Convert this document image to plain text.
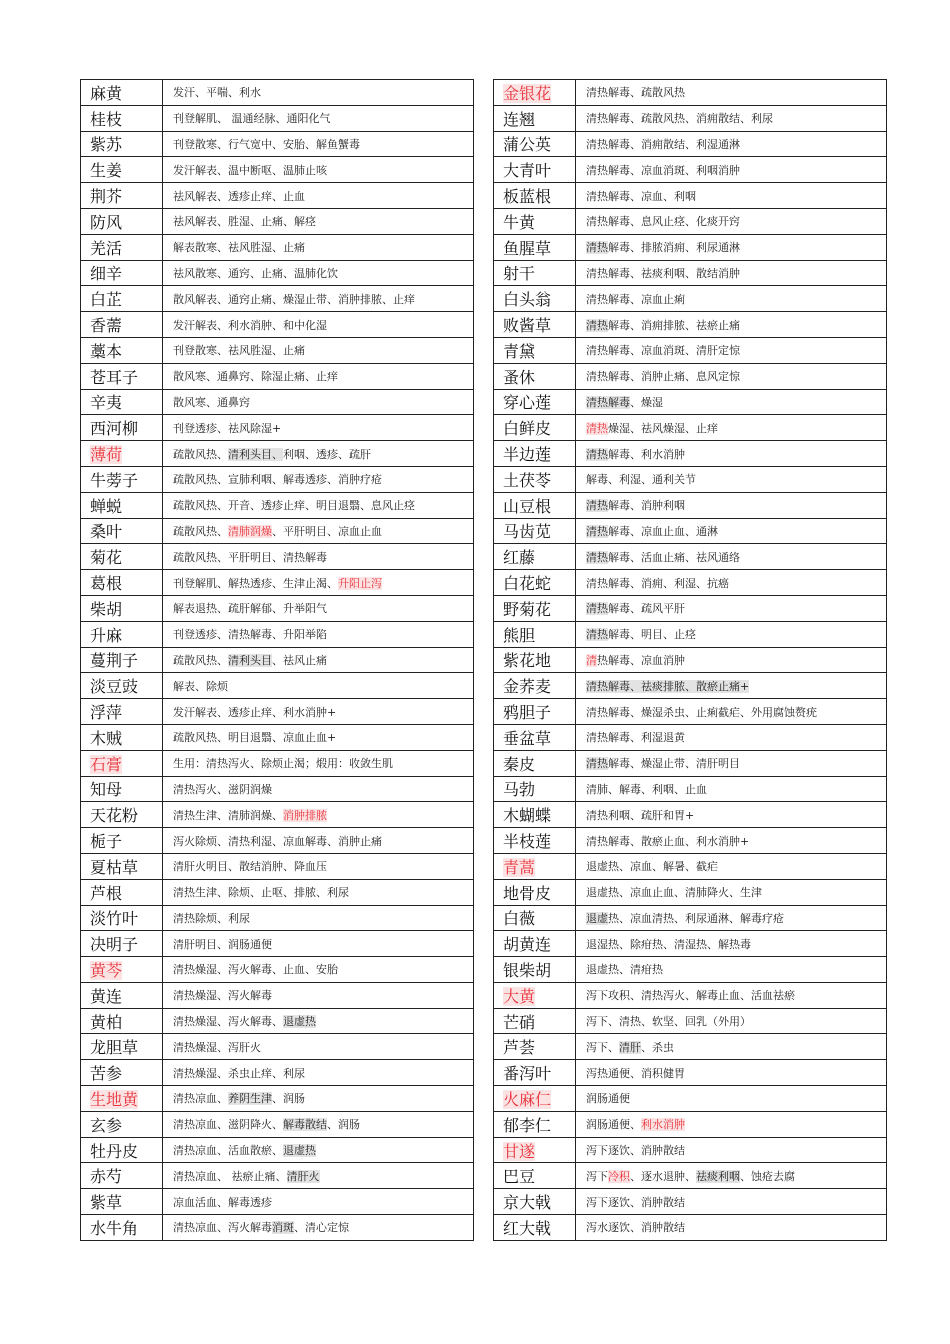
麻黄	发汗、平喘、利水
桂枝	刊登解肌、 温通经脉、通阳化气
紫苏	刊登散寒、行气宽中、安胎、解鱼蟹毒
生姜	发汗解表、温中断呕、温肺止咳
荆芥	祛风解表、透疹止痒、止血
防风	祛风解表、胜湿、止痛、解痉
羌活	解表散寒、祛风胜湿、止痛
细辛	祛风散寒、通窍、止痛、温肺化饮
白芷	散风解表、通窍止痛、燥湿止带、消肿排脓、止痒
香薷	发汗解表、利水消肿、和中化湿
藁本	刊登散寒、祛风胜湿、止痛
苍耳子	散风寒、通鼻窍、除湿止痛、止痒
辛夷	散风寒、通鼻窍
西河柳	刊登透疹、祛风除湿+
薄荷	疏散风热、清利头目、利咽、透疹、疏肝
牛蒡子	疏散风热、宣肺利咽、解毒透疹、消肿疗疮
蝉蜕	疏散风热、开音、透疹止痒、明目退翳、息风止痉
桑叶	疏散风热、清肺润燥、平肝明目、凉血止血
菊花	疏散风热、平肝明目、清热解毒
葛根	刊登解肌、解热透疹、生津止渴、升阳止泻
柴胡	解表退热、疏肝解郁、升举阳气
升麻	刊登透疹、清热解毒、升阳举陷
蔓荆子	疏散风热、清利头目、祛风止痛
淡豆豉	解表、除烦
浮萍	发汗解表、透疹止痒、利水消肿+
木贼	疏散风热、明目退翳、凉血止血+
石膏	生用：清热泻火、除烦止渴；煅用：收敛生肌
知母	清热泻火、滋阴润燥
天花粉	清热生津、清肺润燥、消肿排脓
栀子	泻火除烦、清热利湿、凉血解毒、消肿止痛
夏枯草	清肝火明目、散结消肿、降血压
芦根	清热生津、除烦、止呕、排脓、利尿
淡竹叶	清热除烦、利尿
决明子	清肝明目、润肠通便
黄芩	清热燥湿、泻火解毒、止血、安胎
黄连	清热燥湿、泻火解毒
黄柏	清热燥湿、泻火解毒、退虚热
龙胆草	清热燥湿、泻肝火
苦参	清热燥湿、杀虫止痒、利尿
生地黄	清热凉血、养阴生津、润肠
玄参	清热凉血、滋阴降火、解毒散结、润肠
牡丹皮	清热凉血、活血散瘀、退虚热
赤芍	清热凉血、 祛瘀止痛、清肝火
紫草	凉血活血、解毒透疹
水牛角	清热凉血、泻火解毒消斑、清心定惊
金银花	清热解毒、疏散风热
连翘	清热解毒、疏散风热、消痈散结、利尿
蒲公英	清热解毒、消痈散结、利湿通淋
大青叶	清热解毒、凉血消斑、利咽消肿
板蓝根	清热解毒、凉血、利咽
牛黄	清热解毒、息风止痉、化痰开窍
鱼腥草	清热解毒、排脓消痈、利尿通淋
射干	清热解毒、祛痰利咽、散结消肿
白头翁	清热解毒、凉血止痢
败酱草	清热解毒、消痈排脓、祛瘀止痛
青黛	清热解毒、凉血消斑、清肝定惊
蚤休	清热解毒、消肿止痛、息风定惊
穿心莲	清热解毒、燥湿
白鲜皮	清热燥湿、祛风燥湿、止痒
半边莲	清热解毒、利水消肿
土茯苓	解毒、利湿、通利关节
山豆根	清热解毒、消肿利咽
马齿苋	清热解毒、凉血止血、通淋
红藤	清热解毒、活血止痛、祛风通络
白花蛇	清热解毒、消痈、利湿、抗癌
野菊花	清热解毒、疏风平肝
熊胆	清热解毒、明目、止痉
紫花地	清热解毒、凉血消肿
金荞麦	清热解毒、祛痰排脓、散瘀止痛+
鸦胆子	清热解毒、燥湿杀虫、止痢截疟、外用腐蚀赘疣
垂盆草	清热解毒、利湿退黄
秦皮	清热解毒、燥湿止带、清肝明目
马勃	清肺、解毒、利咽、止血
木蝴蝶	清热利咽、疏肝和胃+
半枝莲	清热解毒、散瘀止血、利水消肿+
青蒿	退虚热、凉血、解暑、截疟
地骨皮	退虚热、凉血止血、清肺降火、生津
白薇	退虚热、凉血清热、利尿通淋、解毒疗疮
胡黄连	退湿热、除疳热、清湿热、解热毒
银柴胡	退虚热、清疳热
大黄	泻下攻积、清热泻火、解毒止血、活血祛瘀
芒硝	泻下、清热、软坚、回乳（外用）
芦荟	泻下、清肝、杀虫
番泻叶	泻热通便、消积健胃
火麻仁	润肠通便
郁李仁	润肠通便、利水消肿
甘遂	泻下逐饮、消肿散结
巴豆	泻下冷积、逐水退肿、祛痰利咽、蚀疮去腐
京大戟	泻下逐饮、消肿散结
红大戟	泻水逐饮、消肿散结
